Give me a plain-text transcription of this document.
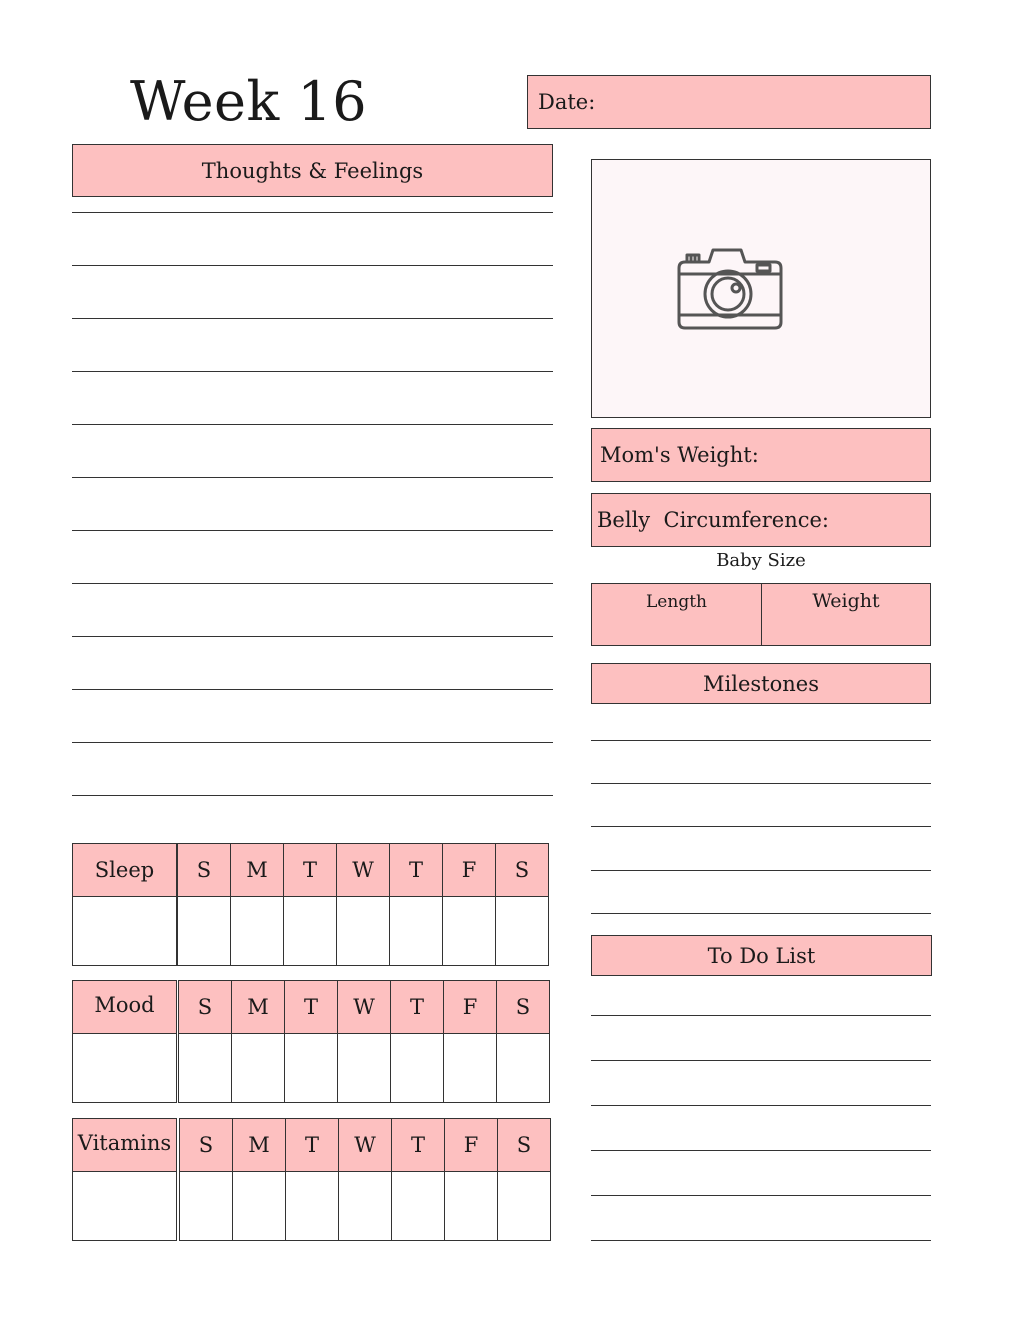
Week 16	Date:
Thoughts & Feelings
Mom's Weight:
Belly  Circumference:
Baby Size
Length	Weight
Milestones
To Do List
Sleep	S	M	T	W	T	F	S
Mood	S	M	T	W	T	F	S
Vitamins	S	M	T	W	T	F	S
